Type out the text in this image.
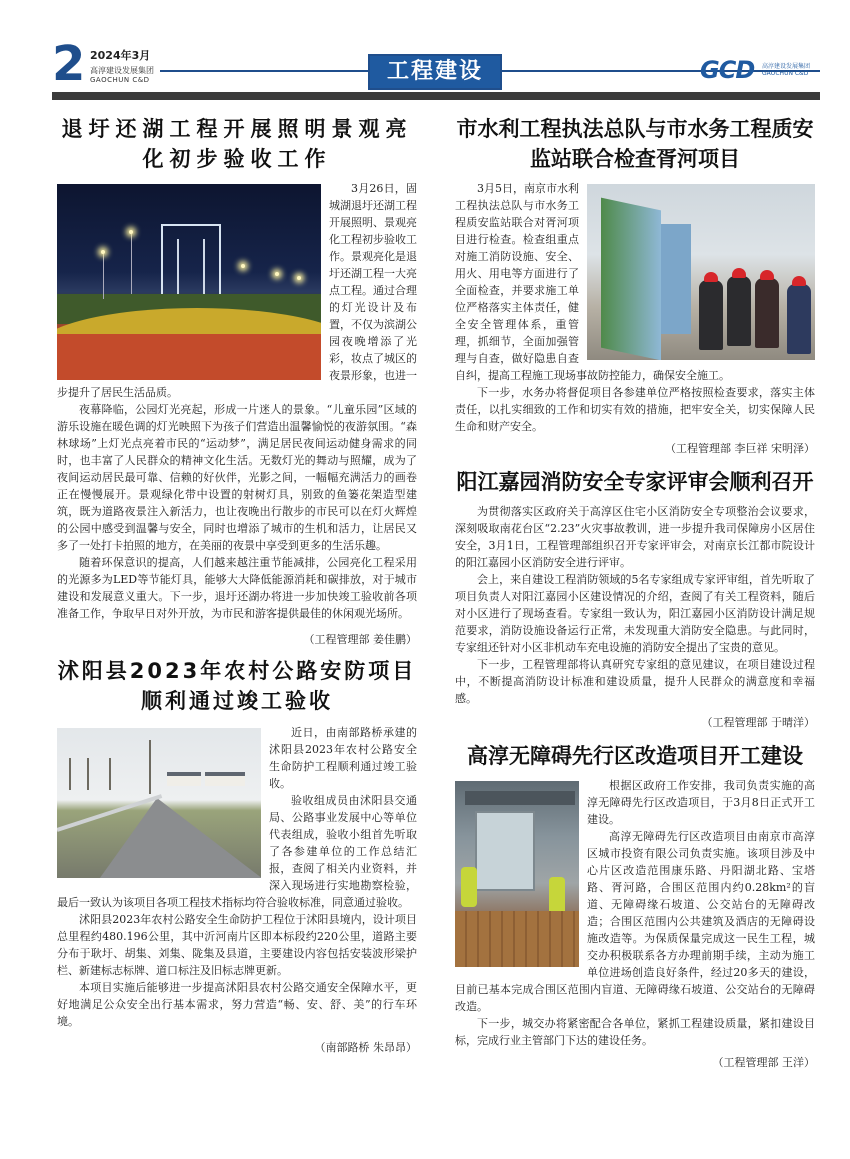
2 2024年3月
高淳建设发展集团
GAOCHUN C&D	工程建设	GCD 高淳建设发展集团
GAOCHUN C&D
退圩还湖工程开展照明景观亮化初步验收工作

3月26日，固城湖退圩还湖工程开展照明、景观亮化工程初步验收工作。景观亮化是退圩还湖工程一大亮点工程。通过合理的灯光设计及布置，不仅为滨湖公园夜晚增添了光彩，妆点了城区的夜景形象，也进一步提升了居民生活品质。

夜幕降临，公园灯光亮起，形成一片迷人的景象。“儿童乐园”区域的游乐设施在暖色调的灯光映照下为孩子们营造出温馨愉悦的夜游氛围。“森林球场”上灯光点亮着市民的“运动梦”，满足居民夜间运动健身需求的同时，也丰富了人民群众的精神文化生活。无数灯光的舞动与照耀，成为了夜间运动居民最可靠、信赖的好伙伴，光影之间，一幅幅充满活力的画卷正在慢慢展开。景观绿化带中设置的射树灯具，别致的鱼篓花架造型建筑，既为道路夜景注入新活力，也让夜晚出行散步的市民可以在灯火辉煌的公园中感受到温馨与安全，同时也增添了城市的生机和活力，让居民又多了一处打卡拍照的地方，在美丽的夜景中享受到更多的生活乐趣。

随着环保意识的提高，人们越来越注重节能减排，公园亮化工程采用的光源多为LED等节能灯具，能够大大降低能源消耗和碳排放，对于城市建设和发展意义重大。下一步，退圩还湖办将进一步加快竣工验收前各项准备工作，争取早日对外开放，为市民和游客提供最佳的休闲观光场所。

（工程管理部 姜佳鹏）
沭阳县2023年农村公路安防项目顺利通过竣工验收

近日，由南部路桥承建的沭阳县2023年农村公路安全生命防护工程顺利通过竣工验收。

验收组成员由沭阳县交通局、公路事业发展中心等单位代表组成，验收小组首先听取了各参建单位的工作总结汇报，查阅了相关内业资料，并深入现场进行实地勘察检验，最后一致认为该项目各项工程技术指标均符合验收标准，同意通过验收。

沭阳县2023年农村公路安全生命防护工程位于沭阳县境内，设计项目总里程约480.196公里，其中沂河南片区即本标段约220公里，道路主要分布于耿圩、胡集、刘集、陇集及县道，主要建设内容包括安装波形梁护栏、新建标志标牌、道口标注及旧标志牌更新。

本项目实施后能够进一步提高沭阳县农村公路交通安全保障水平，更好地满足公众安全出行基本需求，努力营造“畅、安、舒、美”的行车环境。

（南部路桥 朱昂昂）
市水利工程执法总队与市水务工程质安监站联合检查胥河项目

3月5日，南京市水利工程执法总队与市水务工程质安监站联合对胥河项目进行检查。检查组重点对施工消防设施、安全、用火、用电等方面进行了全面检查，并要求施工单位严格落实主体责任，健全安全管理体系，重管理，抓细节，全面加强管理与自查，做好隐患自查自纠，提高工程施工现场事故防控能力，确保安全施工。

下一步，水务办将督促项目各参建单位严格按照检查要求，落实主体责任，以扎实细致的工作和切实有效的措施，把牢安全关，切实保障人民生命和财产安全。

（工程管理部 李巨祥 宋明泽）
阳江嘉园消防安全专家评审会顺利召开

为贯彻落实区政府关于高淳区住宅小区消防安全专项整治会议要求，深刻吸取南花台区“2.23”火灾事故教训，进一步提升我司保障房小区居住安全，3月1日，工程管理部组织召开专家评审会，对南京长江都市院设计的阳江嘉园小区消防安全进行评审。

会上，来自建设工程消防领域的5名专家组成专家评审组，首先听取了项目负责人对阳江嘉园小区建设情况的介绍，查阅了有关工程资料，随后对小区进行了现场查看。专家组一致认为，阳江嘉园小区消防设计满足规范要求，消防设施设备运行正常，未发现重大消防安全隐患。与此同时，专家组还针对小区非机动车充电设施的消防安全提出了宝贵的意见。

下一步，工程管理部将认真研究专家组的意见建议，在项目建设过程中，不断提高消防设计标准和建设质量，提升人民群众的满意度和幸福感。

（工程管理部 于晴洋）
高淳无障碍先行区改造项目开工建设

根据区政府工作安排，我司负责实施的高淳无障碍先行区改造项目，于3月8日正式开工建设。

高淳无障碍先行区改造项目由南京市高淳区城市投资有限公司负责实施。该项目涉及中心片区改造范围康乐路、丹阳湖北路、宝塔路、胥河路，合围区范围内约0.28km²的盲道、无障碍缘石坡道、公交站台的无障碍改造；合围区范围内公共建筑及酒店的无障碍设施改造等。为保质保量完成这一民生工程，城交办积极联系各方办理前期手续，主动为施工单位进场创造良好条件，经过20多天的建设，目前已基本完成合围区范围内盲道、无障碍缘石坡道、公交站台的无障碍改造。

下一步，城交办将紧密配合各单位，紧抓工程建设质量，紧扣建设目标，完成行业主管部门下达的建设任务。

（工程管理部 王洋）
